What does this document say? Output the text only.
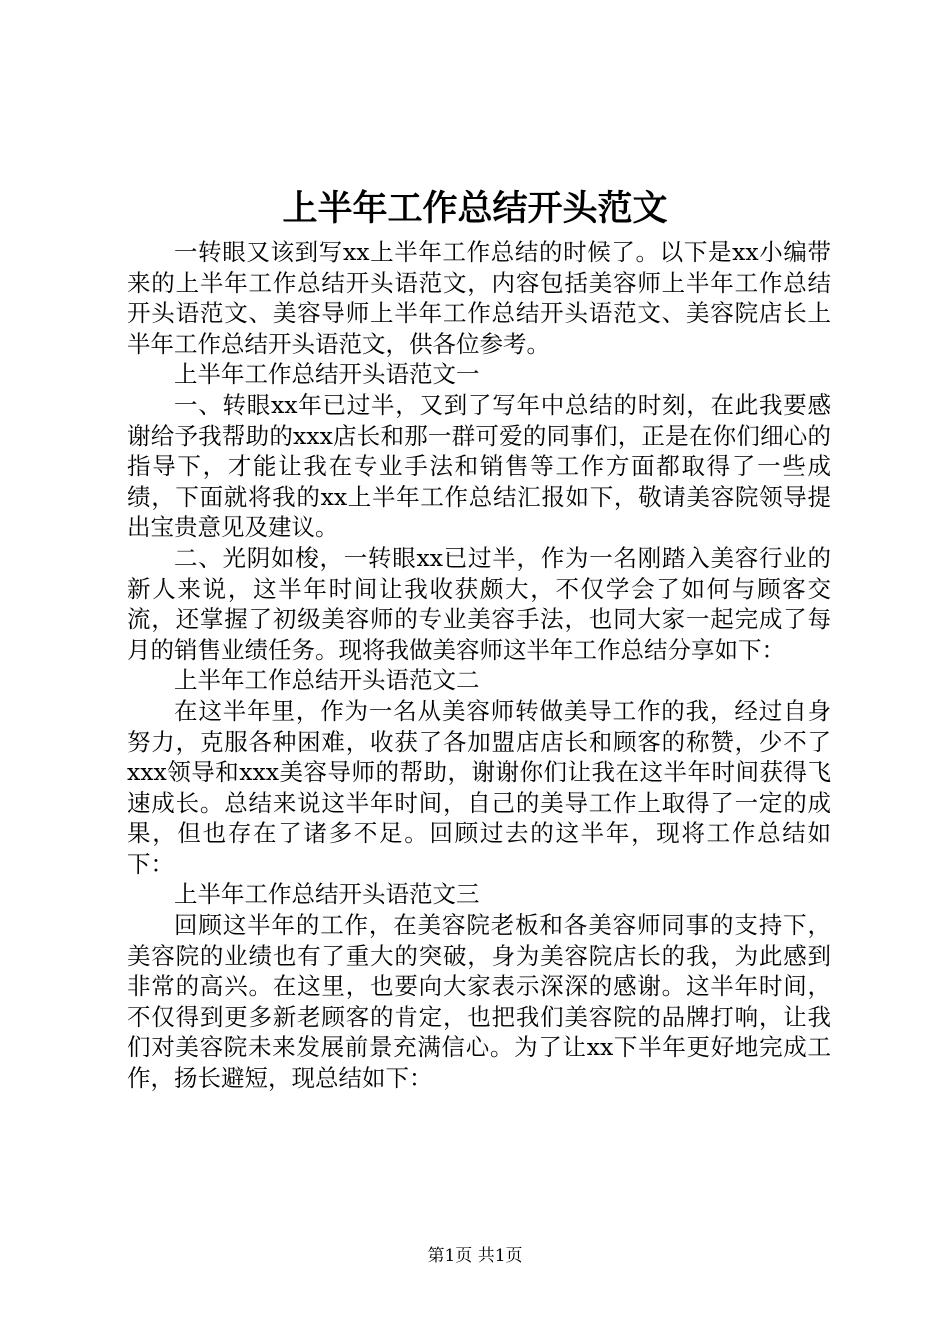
上半年工作总结开头范文

一转眼又该到写xx上半年工作总结的时候了。以下是xx小编带来的上半年工作总结开头语范文，内容包括美容师上半年工作总结开头语范文、美容导师上半年工作总结开头语范文、美容院店长上半年工作总结开头语范文，供各位参考。

上半年工作总结开头语范文一

一、转眼xx年已过半，又到了写年中总结的时刻，在此我要感谢给予我帮助的xxx店长和那一群可爱的同事们，正是在你们细心的指导下，才能让我在专业手法和销售等工作方面都取得了一些成绩，下面就将我的xx上半年工作总结汇报如下，敬请美容院领导提出宝贵意见及建议。

二、光阴如梭，一转眼xx已过半，作为一名刚踏入美容行业的新人来说，这半年时间让我收获颇大，不仅学会了如何与顾客交流，还掌握了初级美容师的专业美容手法，也同大家一起完成了每月的销售业绩任务。现将我做美容师这半年工作总结分享如下：

上半年工作总结开头语范文二

在这半年里，作为一名从美容师转做美导工作的我，经过自身努力，克服各种困难，收获了各加盟店店长和顾客的称赞，少不了xxx领导和xxx美容导师的帮助，谢谢你们让我在这半年时间获得飞速成长。总结来说这半年时间，自己的美导工作上取得了一定的成果，但也存在了诸多不足。回顾过去的这半年，现将工作总结如下：

上半年工作总结开头语范文三

回顾这半年的工作，在美容院老板和各美容师同事的支持下，美容院的业绩也有了重大的突破，身为美容院店长的我，为此感到非常的高兴。在这里，也要向大家表示深深的感谢。这半年时间，不仅得到更多新老顾客的肯定，也把我们美容院的品牌打响，让我们对美容院未来发展前景充满信心。为了让xx下半年更好地完成工作，扬长避短，现总结如下：

第1页 共1页
